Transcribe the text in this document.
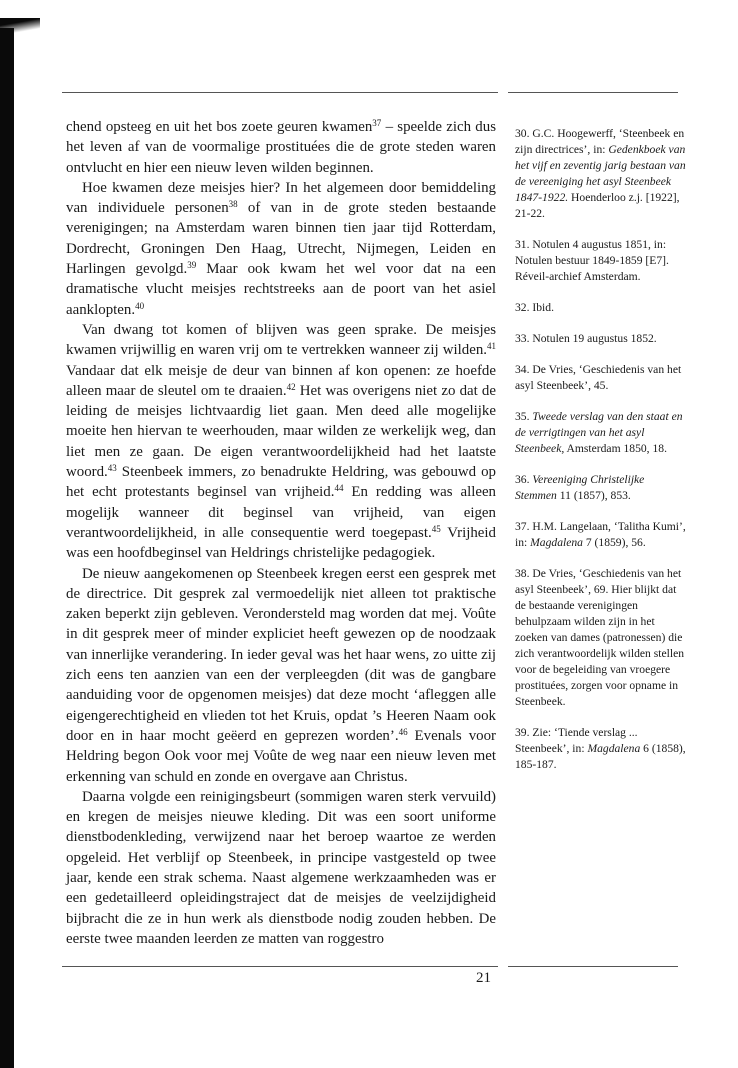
chend opsteeg en uit het bos zoete geuren kwamen$^{37}$ – speelde zich dus het leven af van de voormalige prostituées die de grote steden waren ontvlucht en hier een nieuw leven wilden beginnen.

Hoe kwamen deze meisjes hier? In het algemeen door bemiddeling van individuele personen$^{38}$ of van in de grote steden bestaande verenigingen; na Amsterdam waren binnen tien jaar tijd Rotterdam, Dordrecht, Groningen Den Haag, Utrecht, Nijmegen, Leiden en Harlingen gevolgd.$^{39}$ Maar ook kwam het wel voor dat na een dramatische vlucht meisjes rechtstreeks aan de poort van het asiel aanklopten.$^{40}$

Van dwang tot komen of blijven was geen sprake. De meisjes kwamen vrijwillig en waren vrij om te vertrekken wanneer zij wilden.$^{41}$ Vandaar dat elk meisje de deur van binnen af kon openen: ze hoefde alleen maar de sleutel om te draaien.$^{42}$ Het was overigens niet zo dat de leiding de meisjes lichtvaardig liet gaan. Men deed alle mogelijke moeite hen hiervan te weerhouden, maar wilden ze werkelijk weg, dan liet men ze gaan. De eigen verantwoordelijkheid had het laatste woord.$^{43}$ Steenbeek immers, zo benadrukte Heldring, was gebouwd op het echt protestants beginsel van vrijheid.$^{44}$ En redding was alleen mogelijk wanneer dit beginsel van vrijheid, van eigen verantwoordelijkheid, in alle consequentie werd toegepast.$^{45}$ Vrijheid was een hoofdbeginsel van Heldrings christelijke pedagogiek.

De nieuw aangekomenen op Steenbeek kregen eerst een gesprek met de directrice. Dit gesprek zal vermoedelijk niet alleen tot praktische zaken beperkt zijn gebleven. Verondersteld mag worden dat mej. Voûte in dit gesprek meer of minder expliciet heeft gewezen op de noodzaak van innerlijke verandering. In ieder geval was het haar wens, zo uitte zij zich eens ten aanzien van een der verpleegden (dit was de gangbare aanduiding voor de opgenomen meisjes) dat deze mocht ‘afleggen alle eigengerechtigheid en vlieden tot het Kruis, opdat ’s Heeren Naam ook door en in haar mocht geëerd en geprezen worden’.$^{46}$ Evenals voor Heldring begon Ook voor mej Voûte de weg naar een nieuw leven met erkenning van schuld en zonde en overgave aan Christus.

Daarna volgde een reinigingsbeurt (sommigen waren sterk vervuild) en kregen de meisjes nieuwe kleding. Dit was een soort uniforme dienstbodenkleding, verwijzend naar het beroep waartoe ze werden opgeleid. Het verblijf op Steenbeek, in principe vastgesteld op twee jaar, kende een strak schema. Naast algemene werkzaamheden was er een gedetailleerd opleidingstraject dat de meisjes de veelzijdigheid bijbracht die ze in hun werk als dienstbode nodig zouden hebben. De eerste twee maanden leerden ze matten van roggestro

30. G.C. Hoogewerff, ‘Steenbeek en zijn directrices’, in: Gedenkboek van het vijf en zeventig jarig bestaan van de vereeniging het asyl Steenbeek 1847-1922. Hoenderloo z.j. [1922], 21-22.

31. Notulen 4 augustus 1851, in: Notulen bestuur 1849-1859 [E7]. Réveil-archief Amsterdam.

32. Ibid.

33. Notulen 19 augustus 1852.

34. De Vries, ‘Geschiedenis van het asyl Steenbeek’, 45.

35. Tweede verslag van den staat en de verrigtingen van het asyl Steenbeek, Amsterdam 1850, 18.

36. Vereeniging Christelijke Stemmen 11 (1857), 853.

37. H.M. Langelaan, ‘Talitha Kumi’, in: Magdalena 7 (1859), 56.

38. De Vries, ‘Geschiedenis van het asyl Steenbeek’, 69. Hier blijkt dat de bestaande verenigingen behulpzaam wilden zijn in het zoeken van dames (patronessen) die zich verantwoordelijk wilden stellen voor de begeleiding van vroegere prostituées, zorgen voor opname in Steenbeek.

39. Zie: ‘Tiende verslag ... Steenbeek’, in: Magdalena 6 (1858), 185-187.

21
